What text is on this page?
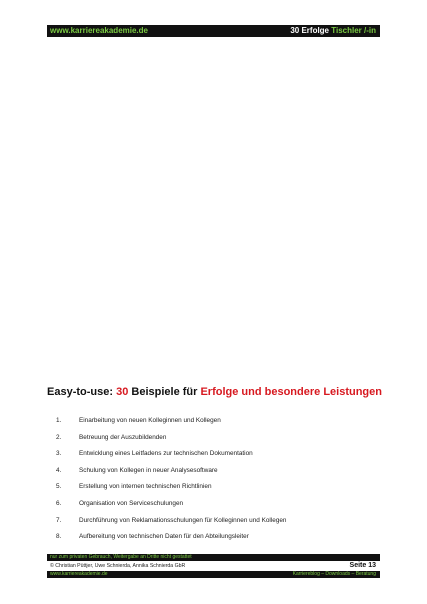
www.karriereakademie.de	30 Erfolge Tischler /-in
Easy-to-use: 30 Beispiele für Erfolge und besondere Leistungen
1.	Einarbeitung von neuen Kolleginnen und Kollegen
2.	Betreuung der Auszubildenden
3.	Entwicklung eines Leitfadens zur technischen Dokumentation
4.	Schulung von Kollegen in neuer Analysesoftware
5.	Erstellung von internen technischen Richtlinien
6.	Organisation von Serviceschulungen
7.	Durchführung von Reklamationsschulungen für Kolleginnen und Kollegen
8.	Aufbereitung von technischen Daten für den Abteilungsleiter
nur zum privaten Gebrauch, Weitergabe an Dritte nicht gestattet
© Christian Püttjer, Uwe Schnierda, Annika Schnierda GbR	Seite 13
www.karriereakademie.de	Karriereblog – Downloads – Beratung
